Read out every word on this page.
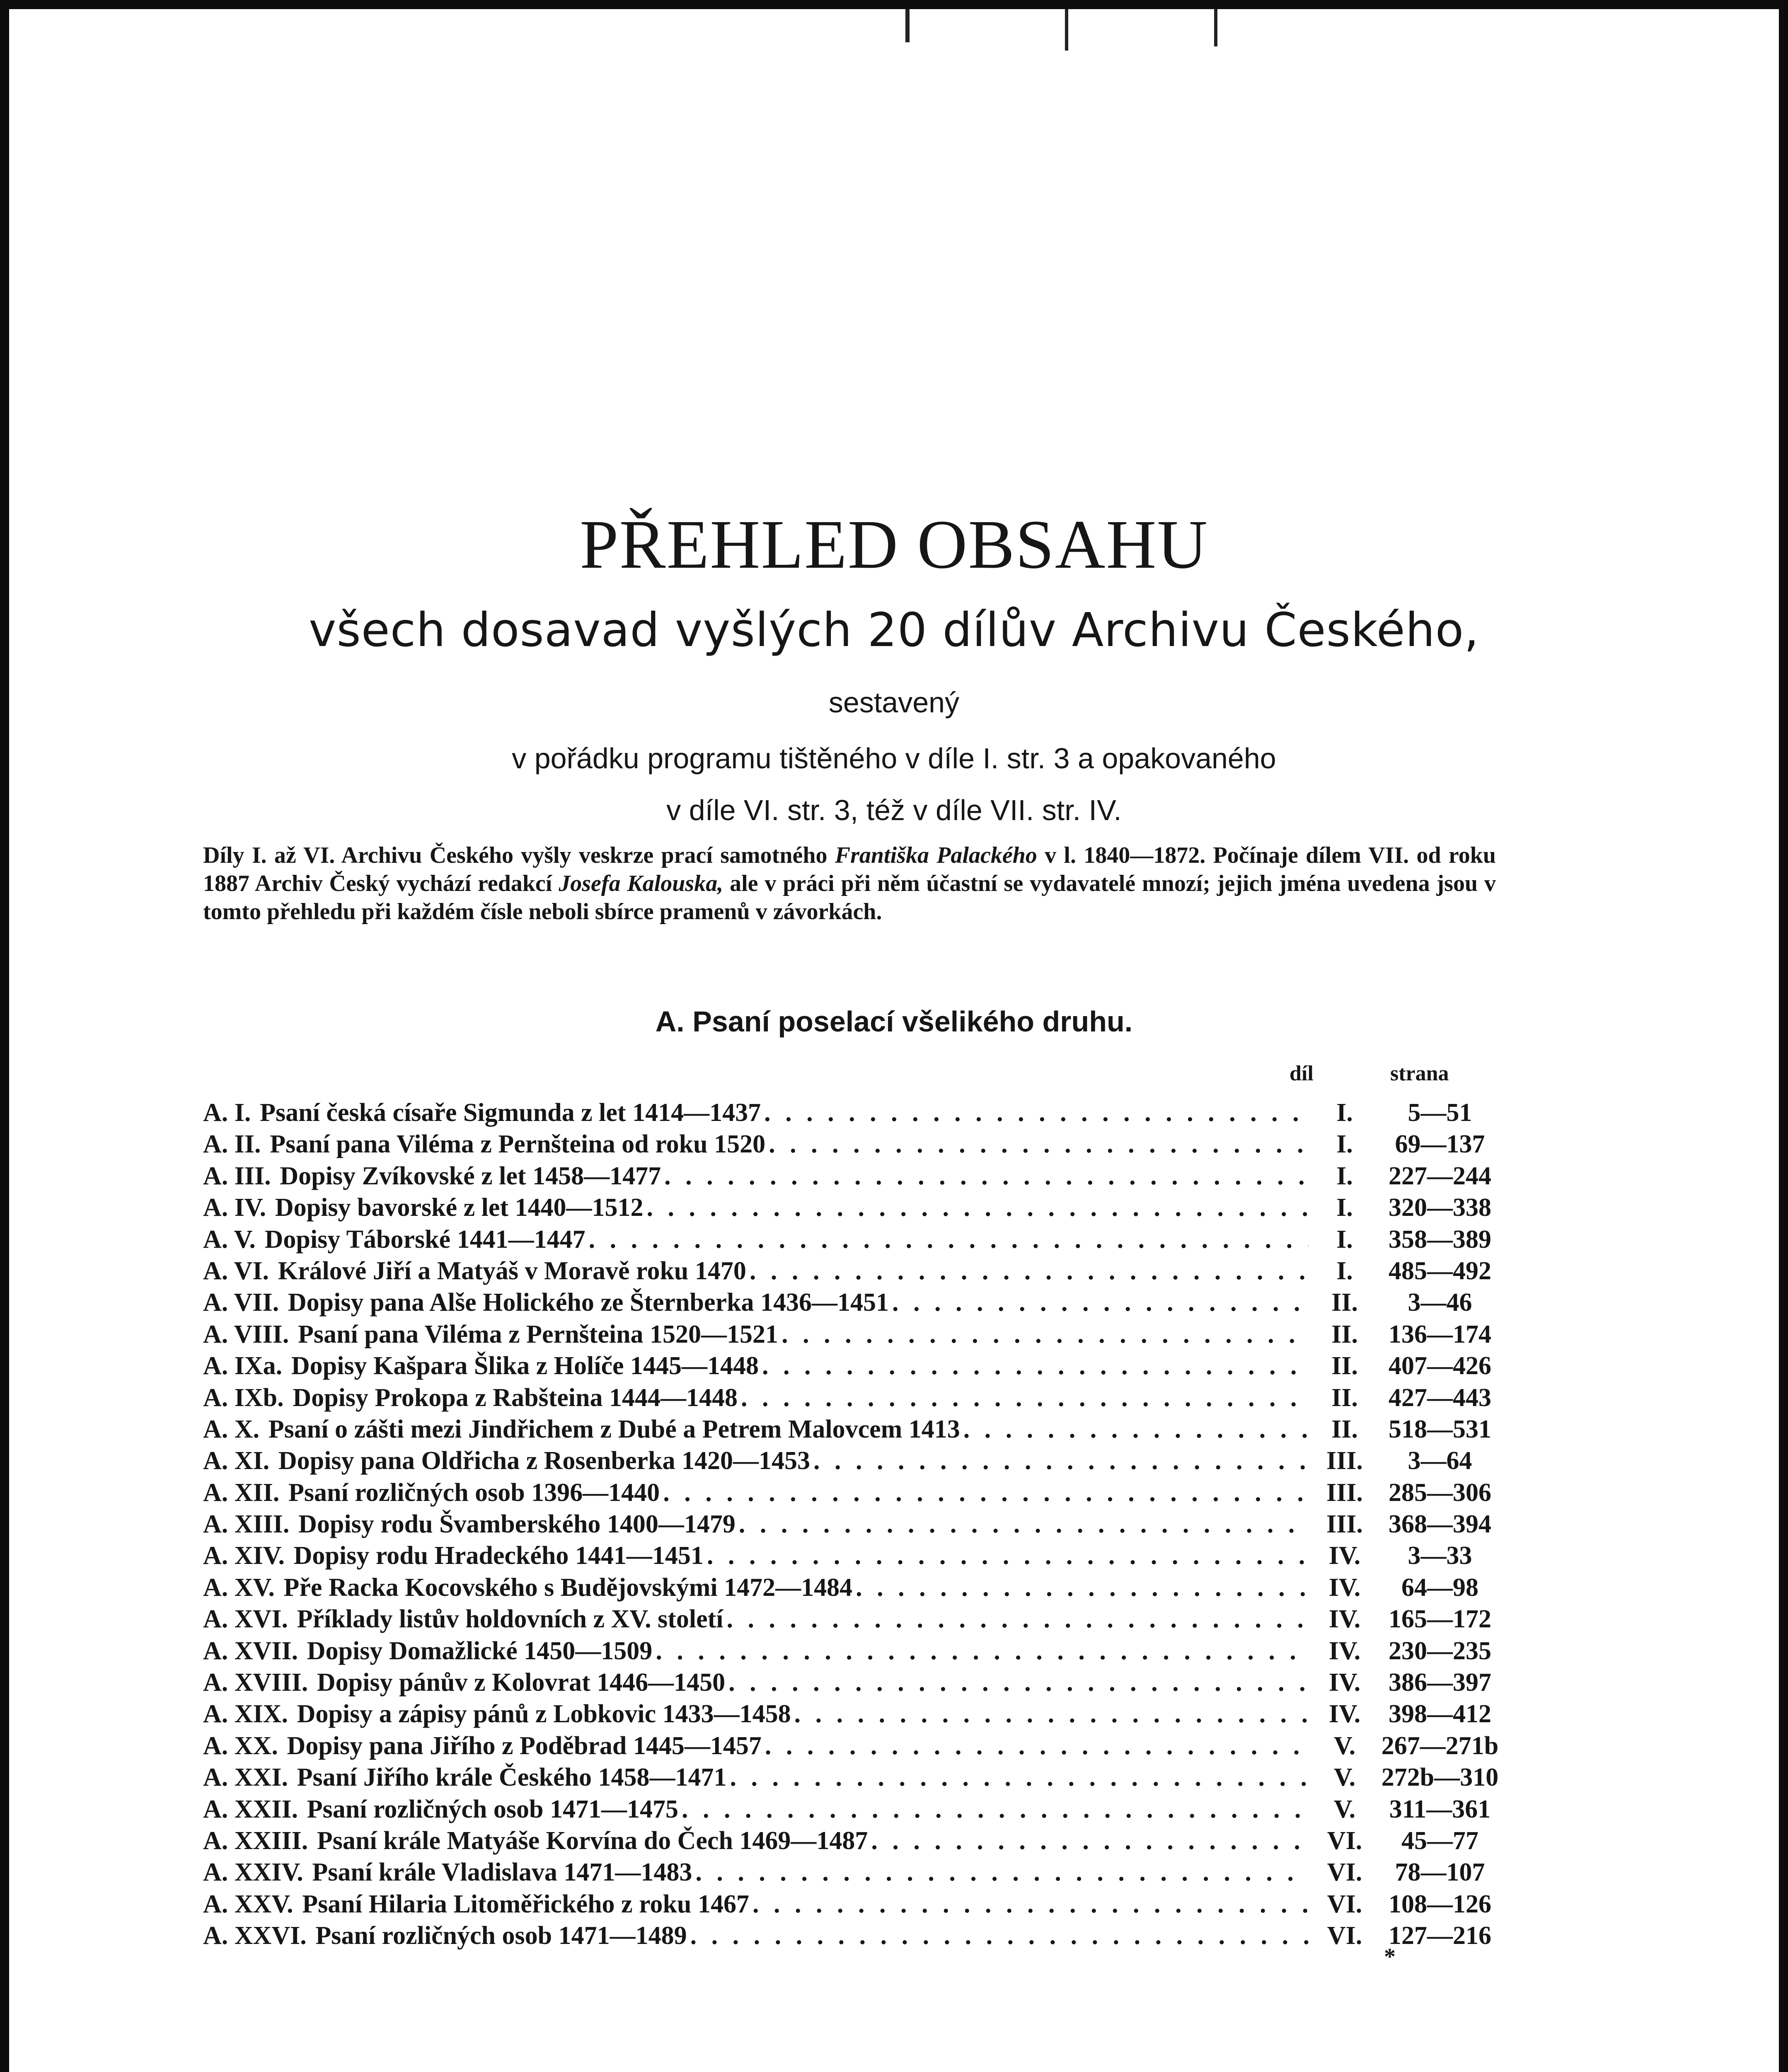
PŘEHLED OBSAHU
všech dosavad vyšlých 20 dílův Archivu Českého,
sestavený
v pořádku programu tištěného v díle I. str. 3 a opakovaného
v díle VI. str. 3, též v díle VII. str. IV.

Díly I. až VI. Archivu Českého vyšly veskrze prací samotného Františka Palackého v l. 1840—1872. Počínaje dílem VII. od roku 1887 Archiv Český vychází redakcí Josefa Kalouska, ale v práci při něm účastní se vydavatelé mnozí; jejich jména uvedena jsou v tomto přehledu při každém čísle neboli sbírce pramenů v závorkách.

A. Psaní poselací všelikého druhu.
díl	strana
A. I. Psaní česká císaře Sigmunda z let 1414—1437 . . .	I.	5—51
A. II. Psaní pana Viléma z Pernšteina od roku 1520 . . .	I.	69—137
A. III. Dopisy Zvíkovské z let 1458—1477 . . .	I.	227—244
A. IV. Dopisy bavorské z let 1440—1512 . . .	I.	320—338
A. V. Dopisy Táborské 1441—1447 . . .	I.	358—389
A. VI. Králové Jiří a Matyáš v Moravě roku 1470 . . .	I.	485—492
A. VII. Dopisy pana Alše Holického ze Šternberka 1436—1451 . . .	II.	3—46
A. VIII. Psaní pana Viléma z Pernšteina 1520—1521 . . .	II.	136—174
A. IXa. Dopisy Kašpara Šlika z Holíče 1445—1448 . . .	II.	407—426
A. IXb. Dopisy Prokopa z Rabšteina 1444—1448 . . .	II.	427—443
A. X. Psaní o zášti mezi Jindřichem z Dubé a Petrem Malovcem 1413 . . .	II.	518—531
A. XI. Dopisy pana Oldřicha z Rosenberka 1420—1453 . . .	III.	3—64
A. XII. Psaní rozličných osob 1396—1440 . . .	III.	285—306
A. XIII. Dopisy rodu Švamberského 1400—1479 . . .	III.	368—394
A. XIV. Dopisy rodu Hradeckého 1441—1451 . . .	IV.	3—33
A. XV. Pře Racka Kocovského s Budějovskými 1472—1484 . . .	IV.	64—98
A. XVI. Příklady listův holdovních z XV. století . . .	IV.	165—172
A. XVII. Dopisy Domažlické 1450—1509 . . .	IV.	230—235
A. XVIII. Dopisy pánův z Kolovrat 1446—1450 . . .	IV.	386—397
A. XIX. Dopisy a zápisy pánů z Lobkovic 1433—1458 . . .	IV.	398—412
A. XX. Dopisy pana Jiřího z Poděbrad 1445—1457 . . .	V.	267—271b
A. XXI. Psaní Jiřího krále Českého 1458—1471 . . .	V.	272b—310
A. XXII. Psaní rozličných osob 1471—1475 . . .	V.	311—361
A. XXIII. Psaní krále Matyáše Korvína do Čech 1469—1487 . . .	VI.	45—77
A. XXIV. Psaní krále Vladislava 1471—1483 . . .	VI.	78—107
A. XXV. Psaní Hilaria Litoměřického z roku 1467 . . .	VI.	108—126
A. XXVI. Psaní rozličných osob 1471—1489 . . .	VI.	127—216
*
